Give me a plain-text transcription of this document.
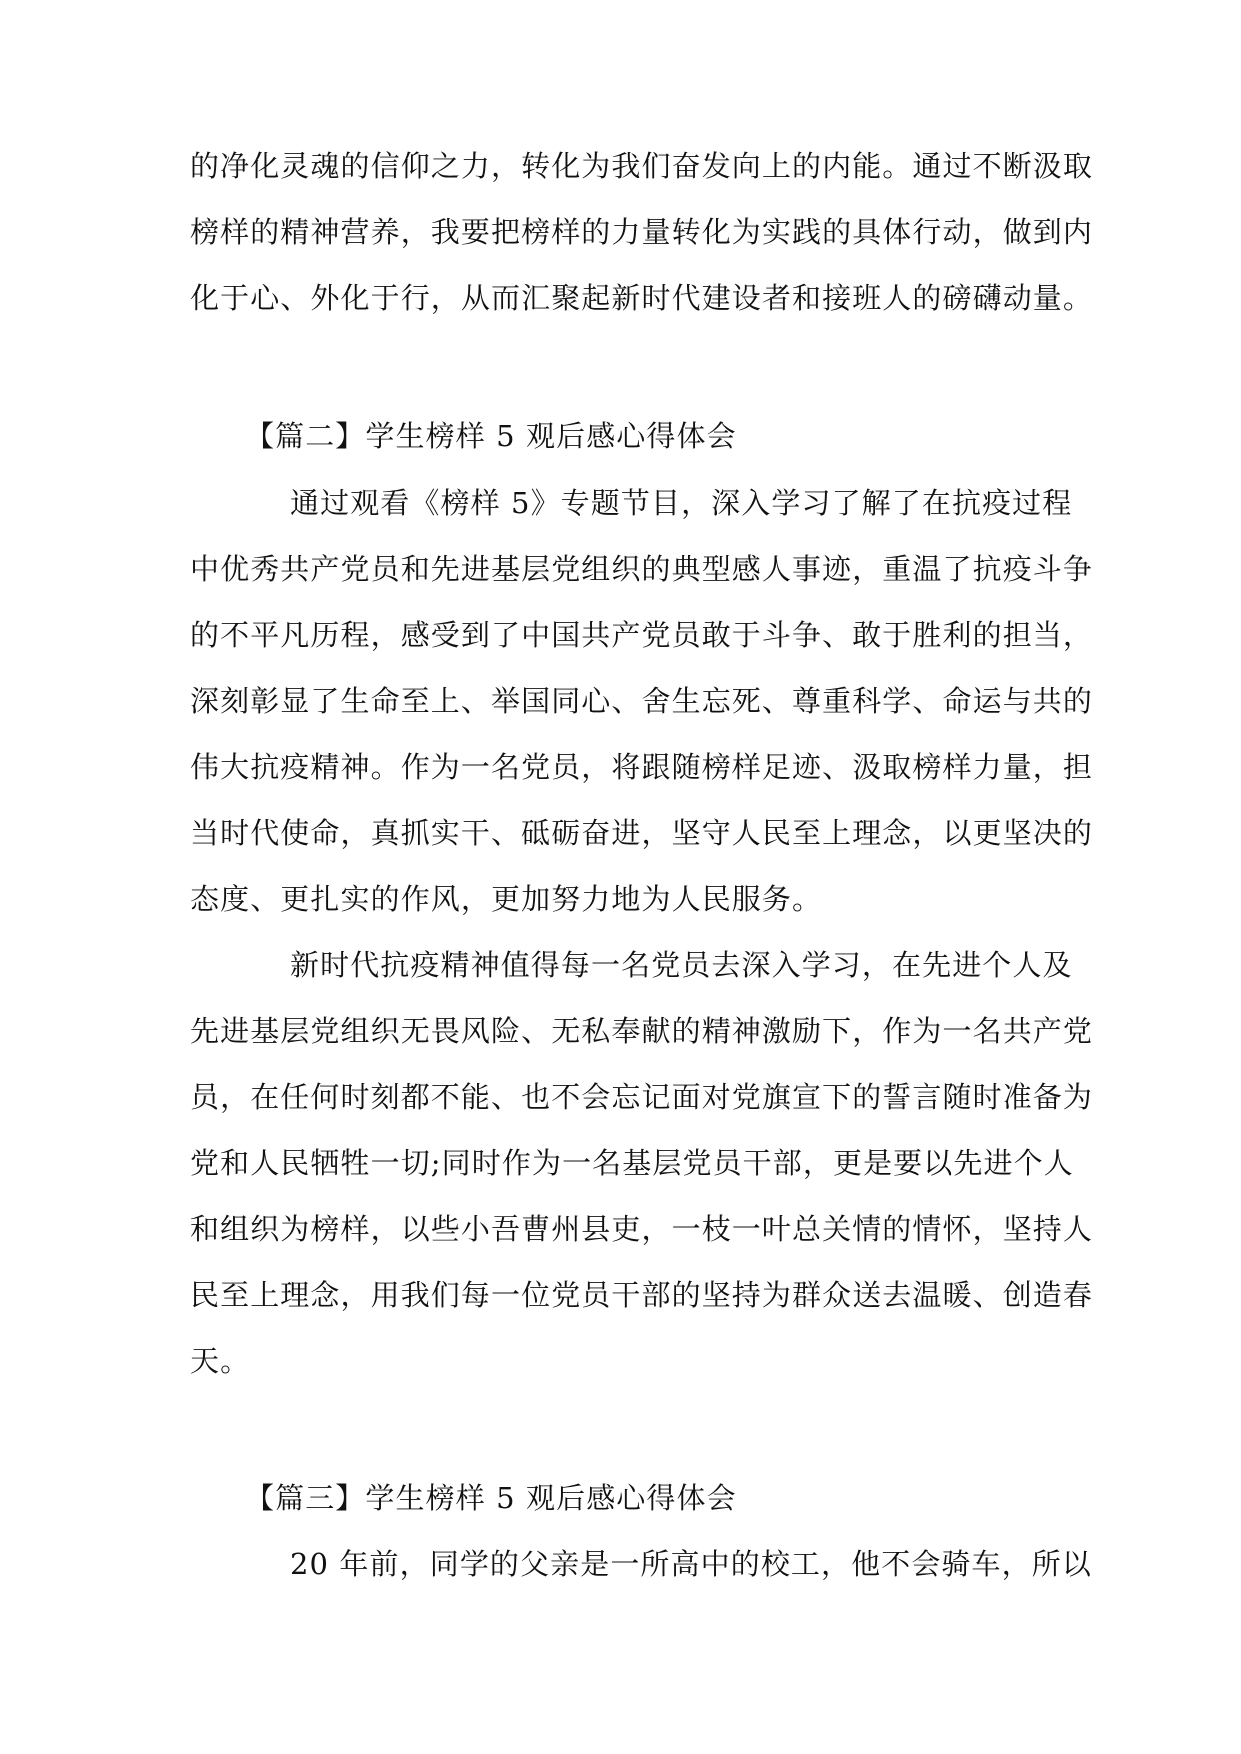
的净化灵魂的信仰之力，转化为我们奋发向上的内能。通过不断汲取
榜样的精神营养，我要把榜样的力量转化为实践的具体行动，做到内
化于心、外化于行，从而汇聚起新时代建设者和接班人的磅礴动量。
【篇二】学生榜样 5 观后感心得体会
通过观看《榜样 5》专题节目，深入学习了解了在抗疫过程
中优秀共产党员和先进基层党组织的典型感人事迹，重温了抗疫斗争
的不平凡历程，感受到了中国共产党员敢于斗争、敢于胜利的担当，
深刻彰显了生命至上、举国同心、舍生忘死、尊重科学、命运与共的
伟大抗疫精神。作为一名党员，将跟随榜样足迹、汲取榜样力量，担
当时代使命，真抓实干、砥砺奋进，坚守人民至上理念，以更坚决的
态度、更扎实的作风，更加努力地为人民服务。
新时代抗疫精神值得每一名党员去深入学习，在先进个人及
先进基层党组织无畏风险、无私奉献的精神激励下，作为一名共产党
员，在任何时刻都不能、也不会忘记面对党旗宣下的誓言随时准备为
党和人民牺牲一切;同时作为一名基层党员干部，更是要以先进个人
和组织为榜样，以些小吾曹州县吏，一枝一叶总关情的情怀，坚持人
民至上理念，用我们每一位党员干部的坚持为群众送去温暖、创造春
天。
【篇三】学生榜样 5 观后感心得体会
20 年前，同学的父亲是一所高中的校工，他不会骑车，所以
